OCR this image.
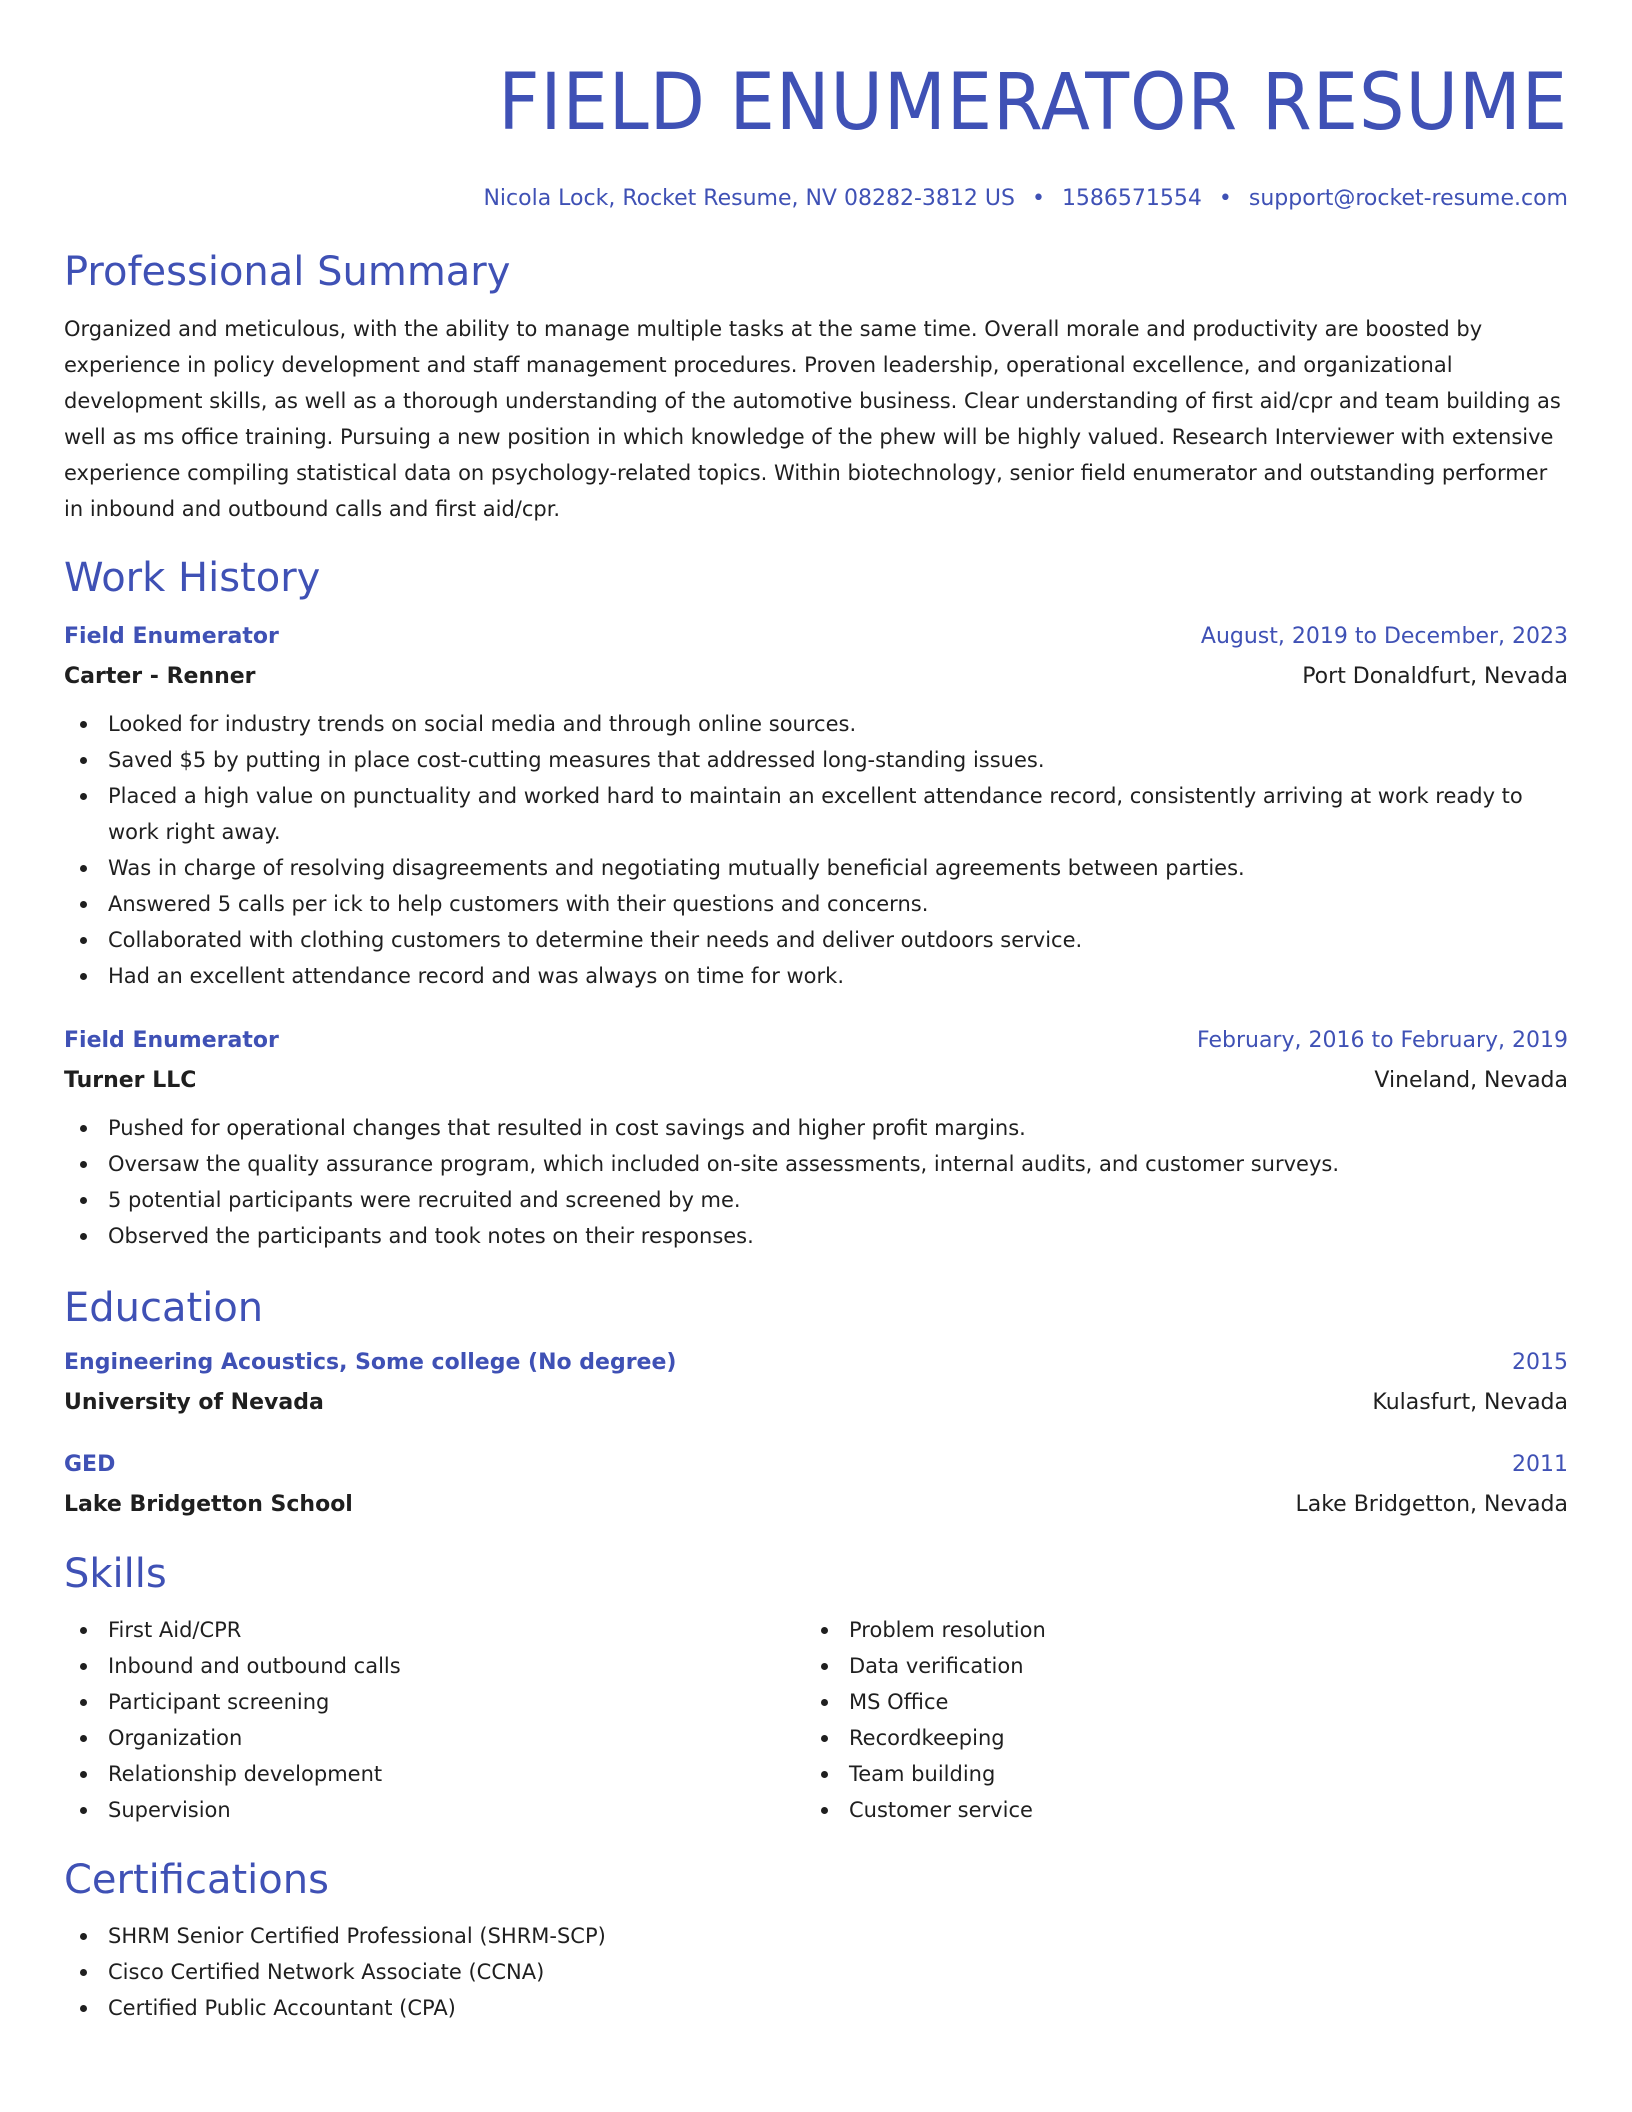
FIELD ENUMERATOR RESUME
Nicola Lock, Rocket Resume, NV 08282-3812 US • 1586571554 • support@rocket-resume.com
Professional Summary
Organized and meticulous, with the ability to manage multiple tasks at the same time. Overall morale and productivity are boosted by
experience in policy development and staff management procedures. Proven leadership, operational excellence, and organizational
development skills, as well as a thorough understanding of the automotive business. Clear understanding of first aid/cpr and team building as
well as ms office training. Pursuing a new position in which knowledge of the phew will be highly valued. Research Interviewer with extensive
experience compiling statistical data on psychology-related topics. Within biotechnology, senior field enumerator and outstanding performer
in inbound and outbound calls and first aid/cpr.
Work History
Field Enumerator	August, 2019 to December, 2023
Carter - Renner	Port Donaldfurt, Nevada
Looked for industry trends on social media and through online sources.
Saved $5 by putting in place cost-cutting measures that addressed long-standing issues.
Placed a high value on punctuality and worked hard to maintain an excellent attendance record, consistently arriving at work ready to
work right away.
Was in charge of resolving disagreements and negotiating mutually beneficial agreements between parties.
Answered 5 calls per ick to help customers with their questions and concerns.
Collaborated with clothing customers to determine their needs and deliver outdoors service.
Had an excellent attendance record and was always on time for work.
Field Enumerator	February, 2016 to February, 2019
Turner LLC	Vineland, Nevada
Pushed for operational changes that resulted in cost savings and higher profit margins.
Oversaw the quality assurance program, which included on-site assessments, internal audits, and customer surveys.
5 potential participants were recruited and screened by me.
Observed the participants and took notes on their responses.
Education
Engineering Acoustics, Some college (No degree)	2015
University of Nevada	Kulasfurt, Nevada
GED	2011
Lake Bridgetton School	Lake Bridgetton, Nevada
Skills
First Aid/CPR
Inbound and outbound calls
Participant screening
Organization
Relationship development
Supervision
Problem resolution
Data verification
MS Office
Recordkeeping
Team building
Customer service
Certifications
SHRM Senior Certified Professional (SHRM-SCP)
Cisco Certified Network Associate (CCNA)
Certified Public Accountant (CPA)
